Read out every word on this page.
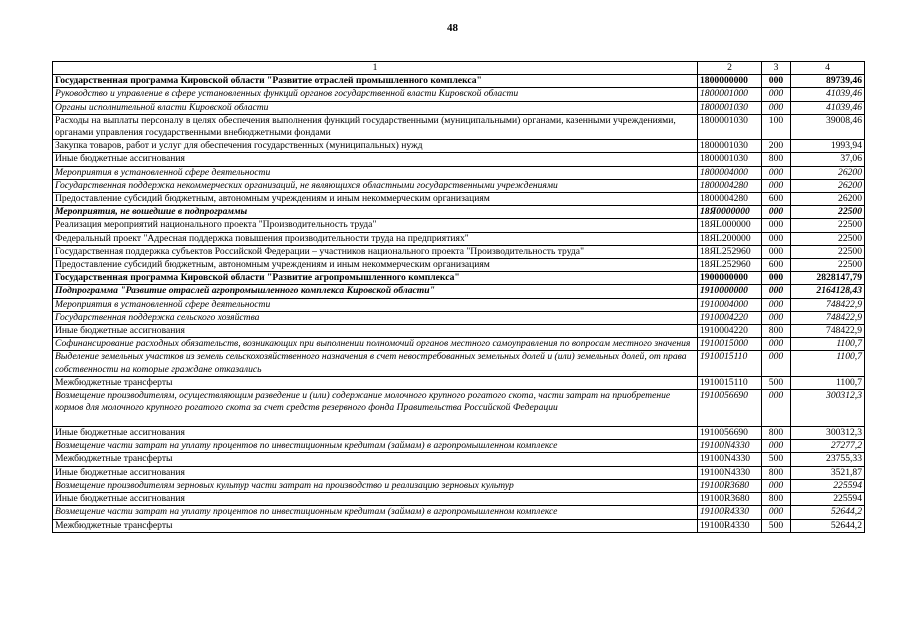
48
1	2	3	4
Государственная программа Кировской области "Развитие отраслей промышленного комплекса"	1800000000	000	89739,46
Руководство и управление в сфере установленных функций органов государственной власти Кировской области	1800001000	000	41039,46
Органы исполнительной власти Кировской области	1800001030	000	41039,46
Расходы на выплаты персоналу в целях обеспечения выполнения функций государственными (муниципальными) органами, казенными учреждениями, органами управления государственными внебюджетными фондами	1800001030	100	39008,46
Закупка товаров, работ и услуг для обеспечения государственных (муниципальных) нужд	1800001030	200	1993,94
Иные бюджетные ассигнования	1800001030	800	37,06
Мероприятия в установленной сфере деятельности	1800004000	000	26200
Государственная поддержка некоммерческих организаций, не являющихся областными государственными учреждениями	1800004280	000	26200
Предоставление субсидий бюджетным, автономным учреждениям и иным некоммерческим организациям	1800004280	600	26200
Мероприятия, не вошедшие в подпрограммы	18Я0000000	000	22500
Реализация мероприятий национального проекта "Производительность труда"	18ЯL000000	000	22500
Федеральный проект "Адресная поддержка повышения производительности труда на предприятиях"	18ЯL200000	000	22500
Государственная поддержка субъектов Российской Федерации – участников национального проекта "Производительность труда"	18ЯL252960	000	22500
Предоставление субсидий бюджетным, автономным учреждениям и иным некоммерческим организациям	18ЯL252960	600	22500
Государственная программа Кировской области "Развитие агропромышленного комплекса"	1900000000	000	2828147,79
Подпрограмма "Развитие отраслей агропромышленного комплекса Кировской области"	1910000000	000	2164128,43
Мероприятия в установленной сфере деятельности	1910004000	000	748422,9
Государственная поддержка сельского хозяйства	1910004220	000	748422,9
Иные бюджетные ассигнования	1910004220	800	748422,9
Софинансирование расходных обязательств, возникающих при выполнении полномочий органов местного самоуправления по вопросам местного значения	1910015000	000	1100,7
Выделение земельных участков из земель сельскохозяйственного назначения в счет невостребованных земельных долей и (или) земельных долей, от права собственности на которые граждане отказались	1910015110	000	1100,7
Межбюджетные трансферты	1910015110	500	1100,7
Возмещение производителям, осуществляющим разведение и (или) содержание молочного крупного рогатого скота, части затрат на приобретение кормов для молочного крупного рогатого скота за счет средств резервного фонда Правительства Российской Федерации	1910056690	000	300312,3
Иные бюджетные ассигнования	1910056690	800	300312,3
Возмещение части затрат на уплату процентов по инвестиционным кредитам (займам) в агропромышленном комплексе	19100N4330	000	27277,2
Межбюджетные трансферты	19100N4330	500	23755,33
Иные бюджетные ассигнования	19100N4330	800	3521,87
Возмещение производителям зерновых культур части затрат на производство и реализацию зерновых культур	19100R3680	000	225594
Иные бюджетные ассигнования	19100R3680	800	225594
Возмещение части затрат на уплату процентов по инвестиционным кредитам (займам) в агропромышленном комплексе	19100R4330	000	52644,2
Межбюджетные трансферты	19100R4330	500	52644,2
